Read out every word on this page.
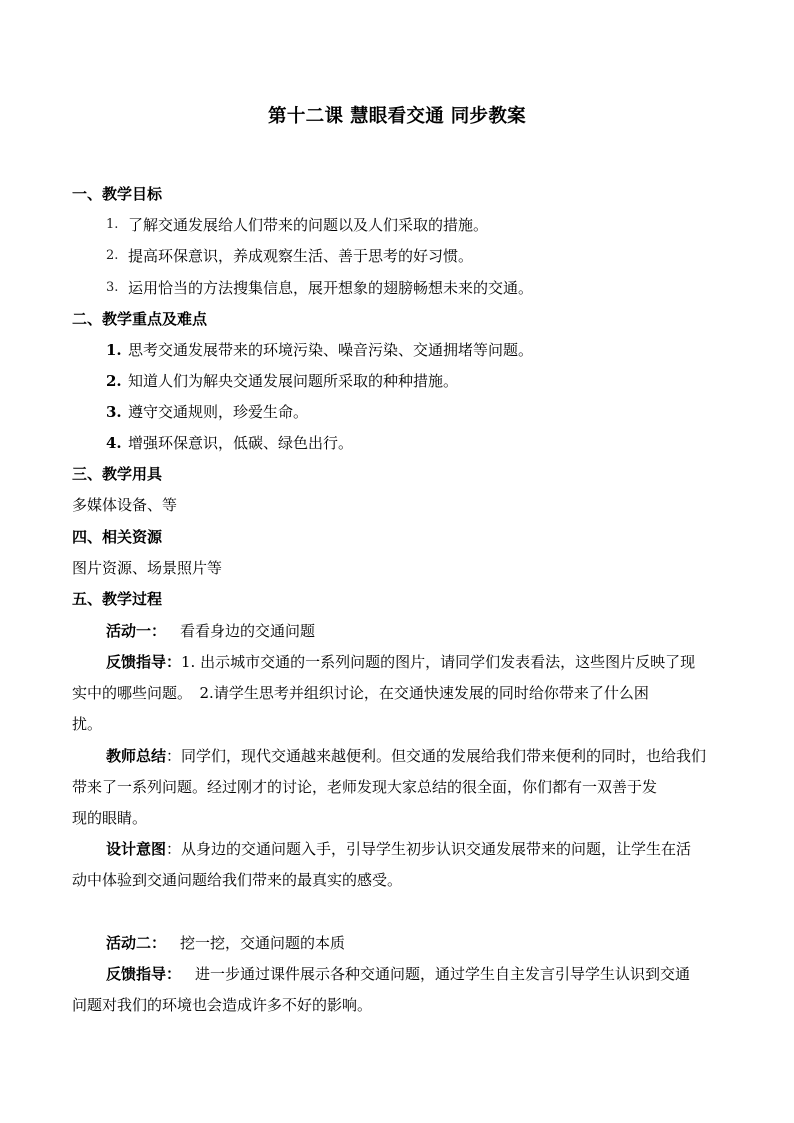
第十二课 慧眼看交通 同步教案
一、教学目标
1. 了解交通发展给人们带来的问题以及人们采取的措施。
2. 提高环保意识，养成观察生活、善于思考的好习惯。
3. 运用恰当的方法搜集信息，展开想象的翅膀畅想未来的交通。
二、教学重点及难点
1. 思考交通发展带来的环境污染、噪音污染、交通拥堵等问题。
2. 知道人们为解央交通发展问题所采取的种种措施。
3. 遵守交通规则，珍爱生命。
4. 增强环保意识，低碳、绿色出行。
三、教学用具
多媒体设备、等
四、相关资源
图片资源、场景照片等
五、教学过程
活动一： 看看身边的交通问题
反馈指导：1. 出示城市交通的一系列问题的图片，请同学们发表看法，这些图片反映了现
实中的哪些问题。　2.请学生思考并组织讨论，在交通快速发展的同时给你带来了什么困
扰。
教师总结：同学们，现代交通越来越便利。但交通的发展给我们带来便利的同时，也给我们
带来了一系列问题。经过刚才的讨论，老师发现大家总结的很全面，你们都有一双善于发
现的眼睛。
设计意图：从身边的交通问题入手，引导学生初步认识交通发展带来的问题，让学生在活
动中体验到交通问题给我们带来的最真实的感受。
活动二： 挖一挖，交通问题的本质
反馈指导： 进一步通过课件展示各种交通问题，通过学生自主发言引导学生认识到交通
问题对我们的环境也会造成许多不好的影响。
